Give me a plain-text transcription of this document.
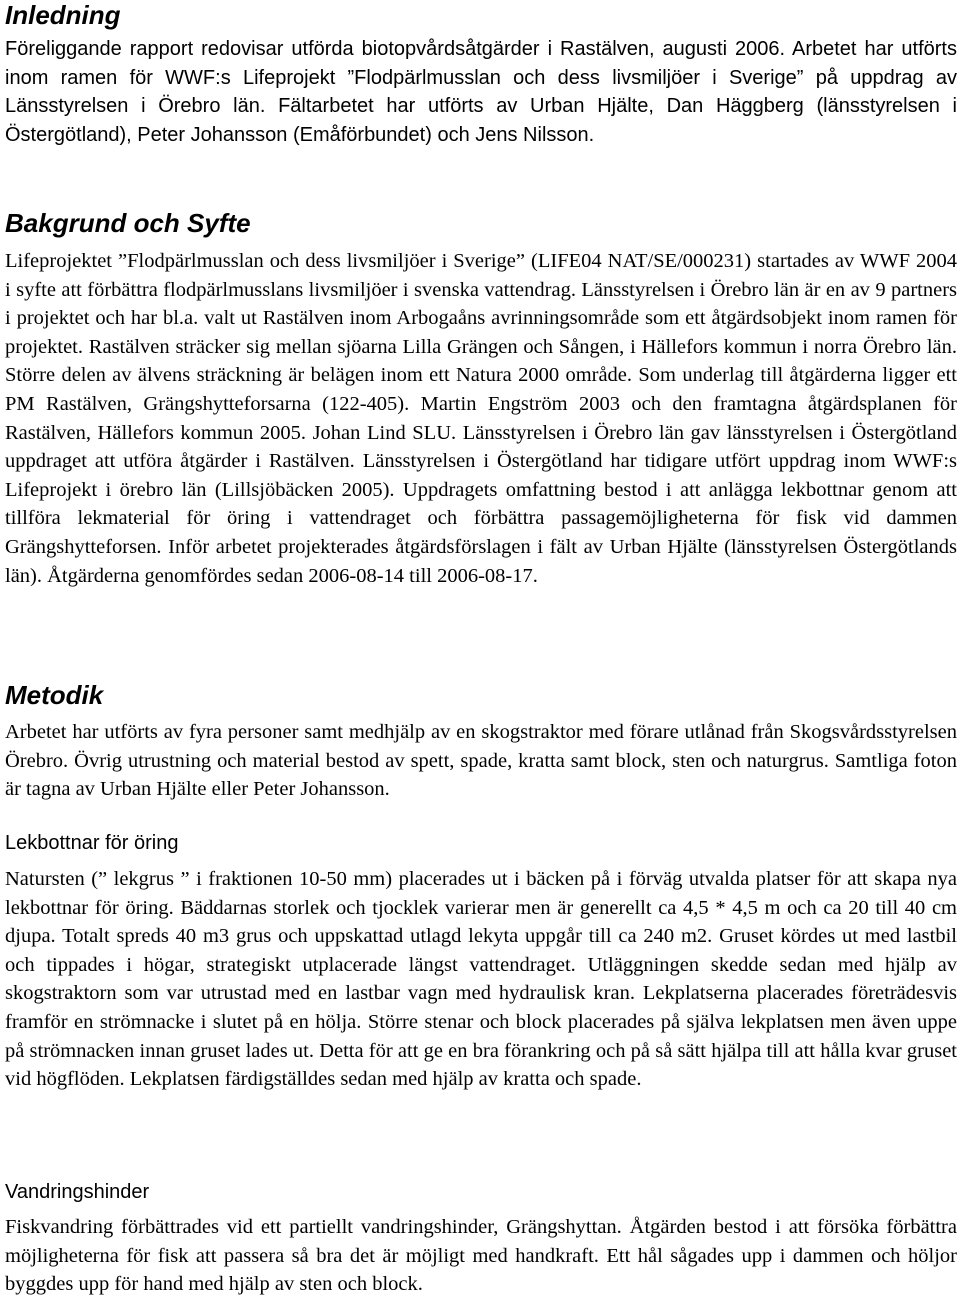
Inledning

Föreliggande rapport redovisar utförda biotopvårdsåtgärder i Rastälven, augusti 2006. Arbetet har utförts inom ramen för WWF:s Lifeprojekt ”Flodpärlmusslan och dess livsmiljöer i Sverige” på uppdrag av Länsstyrelsen i Örebro län. Fältarbetet har utförts av Urban Hjälte, Dan Häggberg (länsstyrelsen i Östergötland), Peter Johansson (Emåförbundet) och Jens Nilsson.

Bakgrund och Syfte

Lifeprojektet ”Flodpärlmusslan och dess livsmiljöer i Sverige” (LIFE04 NAT/SE/000231) startades av WWF 2004 i syfte att förbättra flodpärlmusslans livsmiljöer i svenska vattendrag. Länsstyrelsen i Örebro län är en av 9 partners i projektet och har bl.a. valt ut Rastälven inom Arbogaåns avrinningsområde som ett åtgärdsobjekt inom ramen för projektet. Rastälven sträcker sig mellan sjöarna Lilla Grängen och Sången, i Hällefors kommun i norra Örebro län. Större delen av älvens sträckning är belägen inom ett Natura 2000 område. Som underlag till åtgärderna ligger ett PM Rastälven, Grängshytteforsarna (122-405). Martin Engström 2003 och den framtagna åtgärdsplanen för Rastälven, Hällefors kommun 2005. Johan Lind SLU. Länsstyrelsen i Örebro län gav länsstyrelsen i Östergötland uppdraget att utföra åtgärder i Rastälven. Länsstyrelsen i Östergötland har tidigare utfört uppdrag inom WWF:s Lifeprojekt i örebro län (Lillsjöbäcken 2005). Uppdragets omfattning bestod i att anlägga lekbottnar genom att tillföra lekmaterial för öring i vattendraget och förbättra passagemöjligheterna för fisk vid dammen Grängshytteforsen. Inför arbetet projekterades åtgärdsförslagen i fält av Urban Hjälte (länsstyrelsen Östergötlands län). Åtgärderna genomfördes sedan 2006-08-14 till 2006-08-17.

Metodik

Arbetet har utförts av fyra personer samt medhjälp av en skogstraktor med förare utlånad från Skogsvårdsstyrelsen Örebro. Övrig utrustning och material bestod av spett, spade, kratta samt block, sten och naturgrus. Samtliga foton är tagna av Urban Hjälte eller Peter Johansson.

Lekbottnar för öring

Natursten (” lekgrus ” i fraktionen 10-50 mm) placerades ut i bäcken på i förväg utvalda platser för att skapa nya lekbottnar för öring. Bäddarnas storlek och tjocklek varierar men är generellt ca 4,5 * 4,5 m och ca 20 till 40 cm djupa. Totalt spreds 40 m3 grus och uppskattad utlagd lekyta uppgår till ca 240 m2. Gruset kördes ut med lastbil och tippades i högar, strategiskt utplacerade längst vattendraget. Utläggningen skedde sedan med hjälp av skogstraktorn som var utrustad med en lastbar vagn med hydraulisk kran. Lekplatserna placerades företrädesvis framför en strömnacke i slutet på en hölja. Större stenar och block placerades på själva lekplatsen men även uppe på strömnacken innan gruset lades ut. Detta för att ge en bra förankring och på så sätt hjälpa till att hålla kvar gruset vid högflöden. Lekplatsen färdigställdes sedan med hjälp av kratta och spade.

Vandringshinder

Fiskvandring förbättrades vid ett partiellt vandringshinder, Grängshyttan. Åtgärden bestod i att försöka förbättra möjligheterna för fisk att passera så bra det är möjligt med handkraft. Ett hål sågades upp i dammen och höljor byggdes upp för hand med hjälp av sten och block.
